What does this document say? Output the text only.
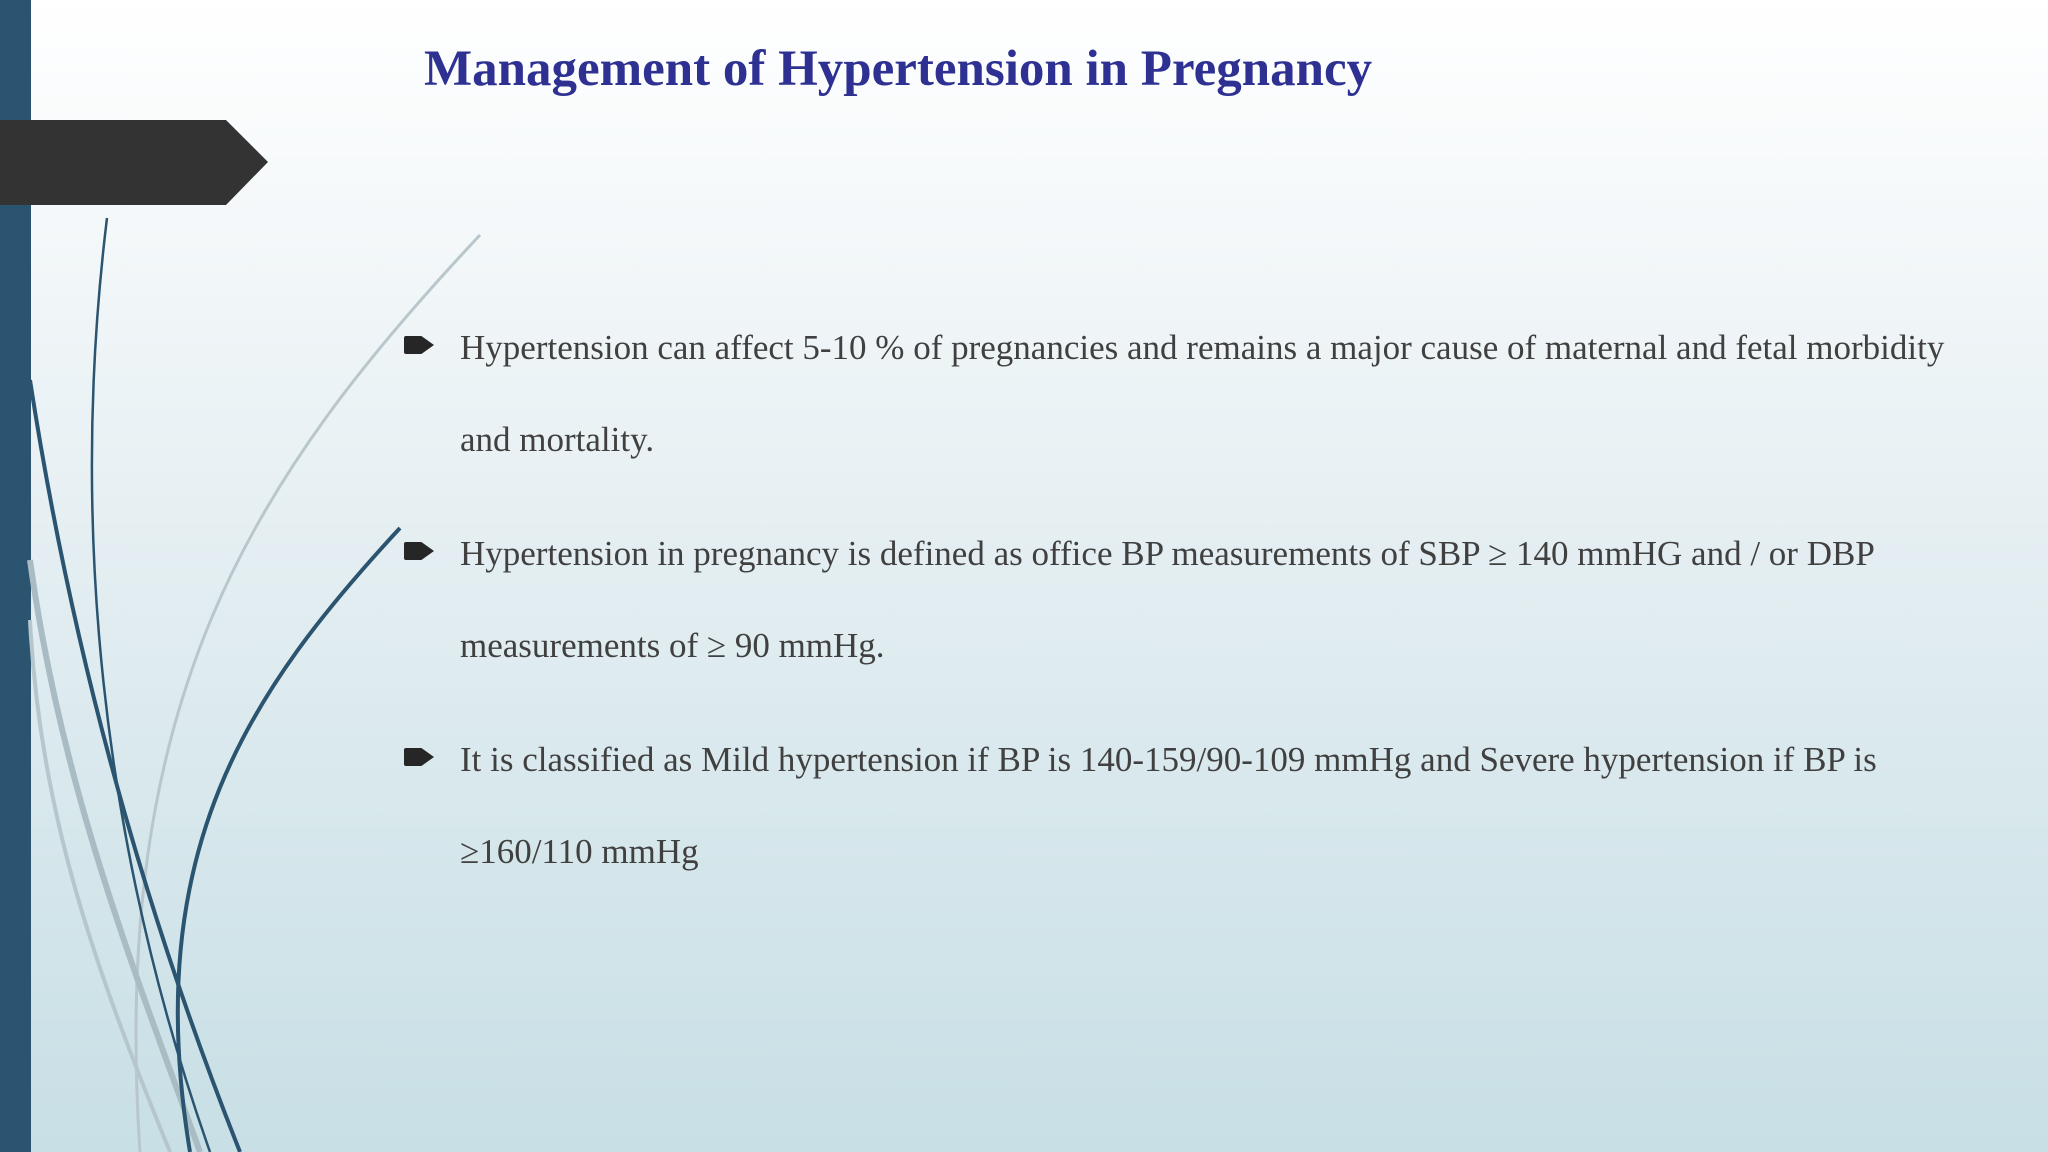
Management of Hypertension in Pregnancy
Hypertension can affect 5-10 % of pregnancies and remains a major cause of maternal and fetal morbidity and mortality.
Hypertension in pregnancy is defined as office BP measurements of SBP ≥ 140 mmHG and / or DBP measurements of ≥ 90 mmHg.
It is classified as Mild hypertension if BP is 140-159/90-109 mmHg and Severe hypertension if BP is ≥160/110 mmHg
